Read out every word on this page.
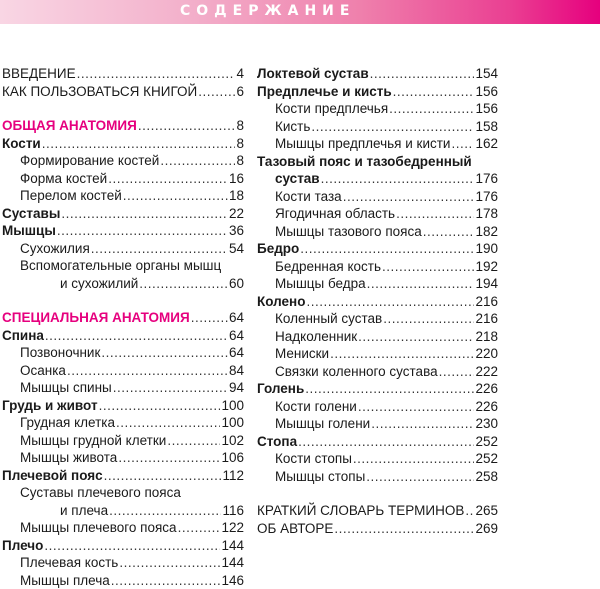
СОДЕРЖАНИЕ
ВВЕДЕНИЕ .....	4
КАК ПОЛЬЗОВАТЬСЯ КНИГОЙ .....	6
ОБЩАЯ АНАТОМИЯ .....	8
Кости .....	8
Формирование костей .....	8
Форма костей .....	16
Перелом костей .....	18
Суставы .....	22
Мышцы .....	36
Сухожилия .....	54
Вспомогательные органы мышц
и сухожилий .....	60
СПЕЦИАЛЬНАЯ АНАТОМИЯ .....	64
Спина .....	64
Позвоночник .....	64
Осанка .....	84
Мышцы спины .....	94
Грудь и живот .....	100
Грудная клетка .....	100
Мышцы грудной клетки .....	102
Мышцы живота .....	106
Плечевой пояс .....	112
Суставы плечевого пояса
и плеча .....	116
Мышцы плечевого пояса .....	122
Плечо .....	144
Плечевая кость .....	144
Мышцы плеча .....	146
Локтевой сустав .....	154
Предплечье и кисть .....	156
Кости предплечья .....	156
Кисть .....	158
Мышцы предплечья и кисти ..... 162
Тазовый пояс и тазобедренный
сустав .....	176
Кости таза .....	176
Ягодичная область .....	178
Мышцы тазового пояса .....	182
Бедро .....	190
Бедренная кость .....	192
Мышцы бедра .....	194
Колено .....	216
Коленный сустав .....	216
Надколенник .....	218
Мениски .....	220
Связки коленного сустава .....	222
Голень .....	226
Кости голени .....	226
Мышцы голени .....	230
Стопа .....	252
Кости стопы .....	252
Мышцы стопы .....	258
КРАТКИЙ СЛОВАРЬ ТЕРМИНОВ ..... 265
ОБ АВТОРЕ .....	269
